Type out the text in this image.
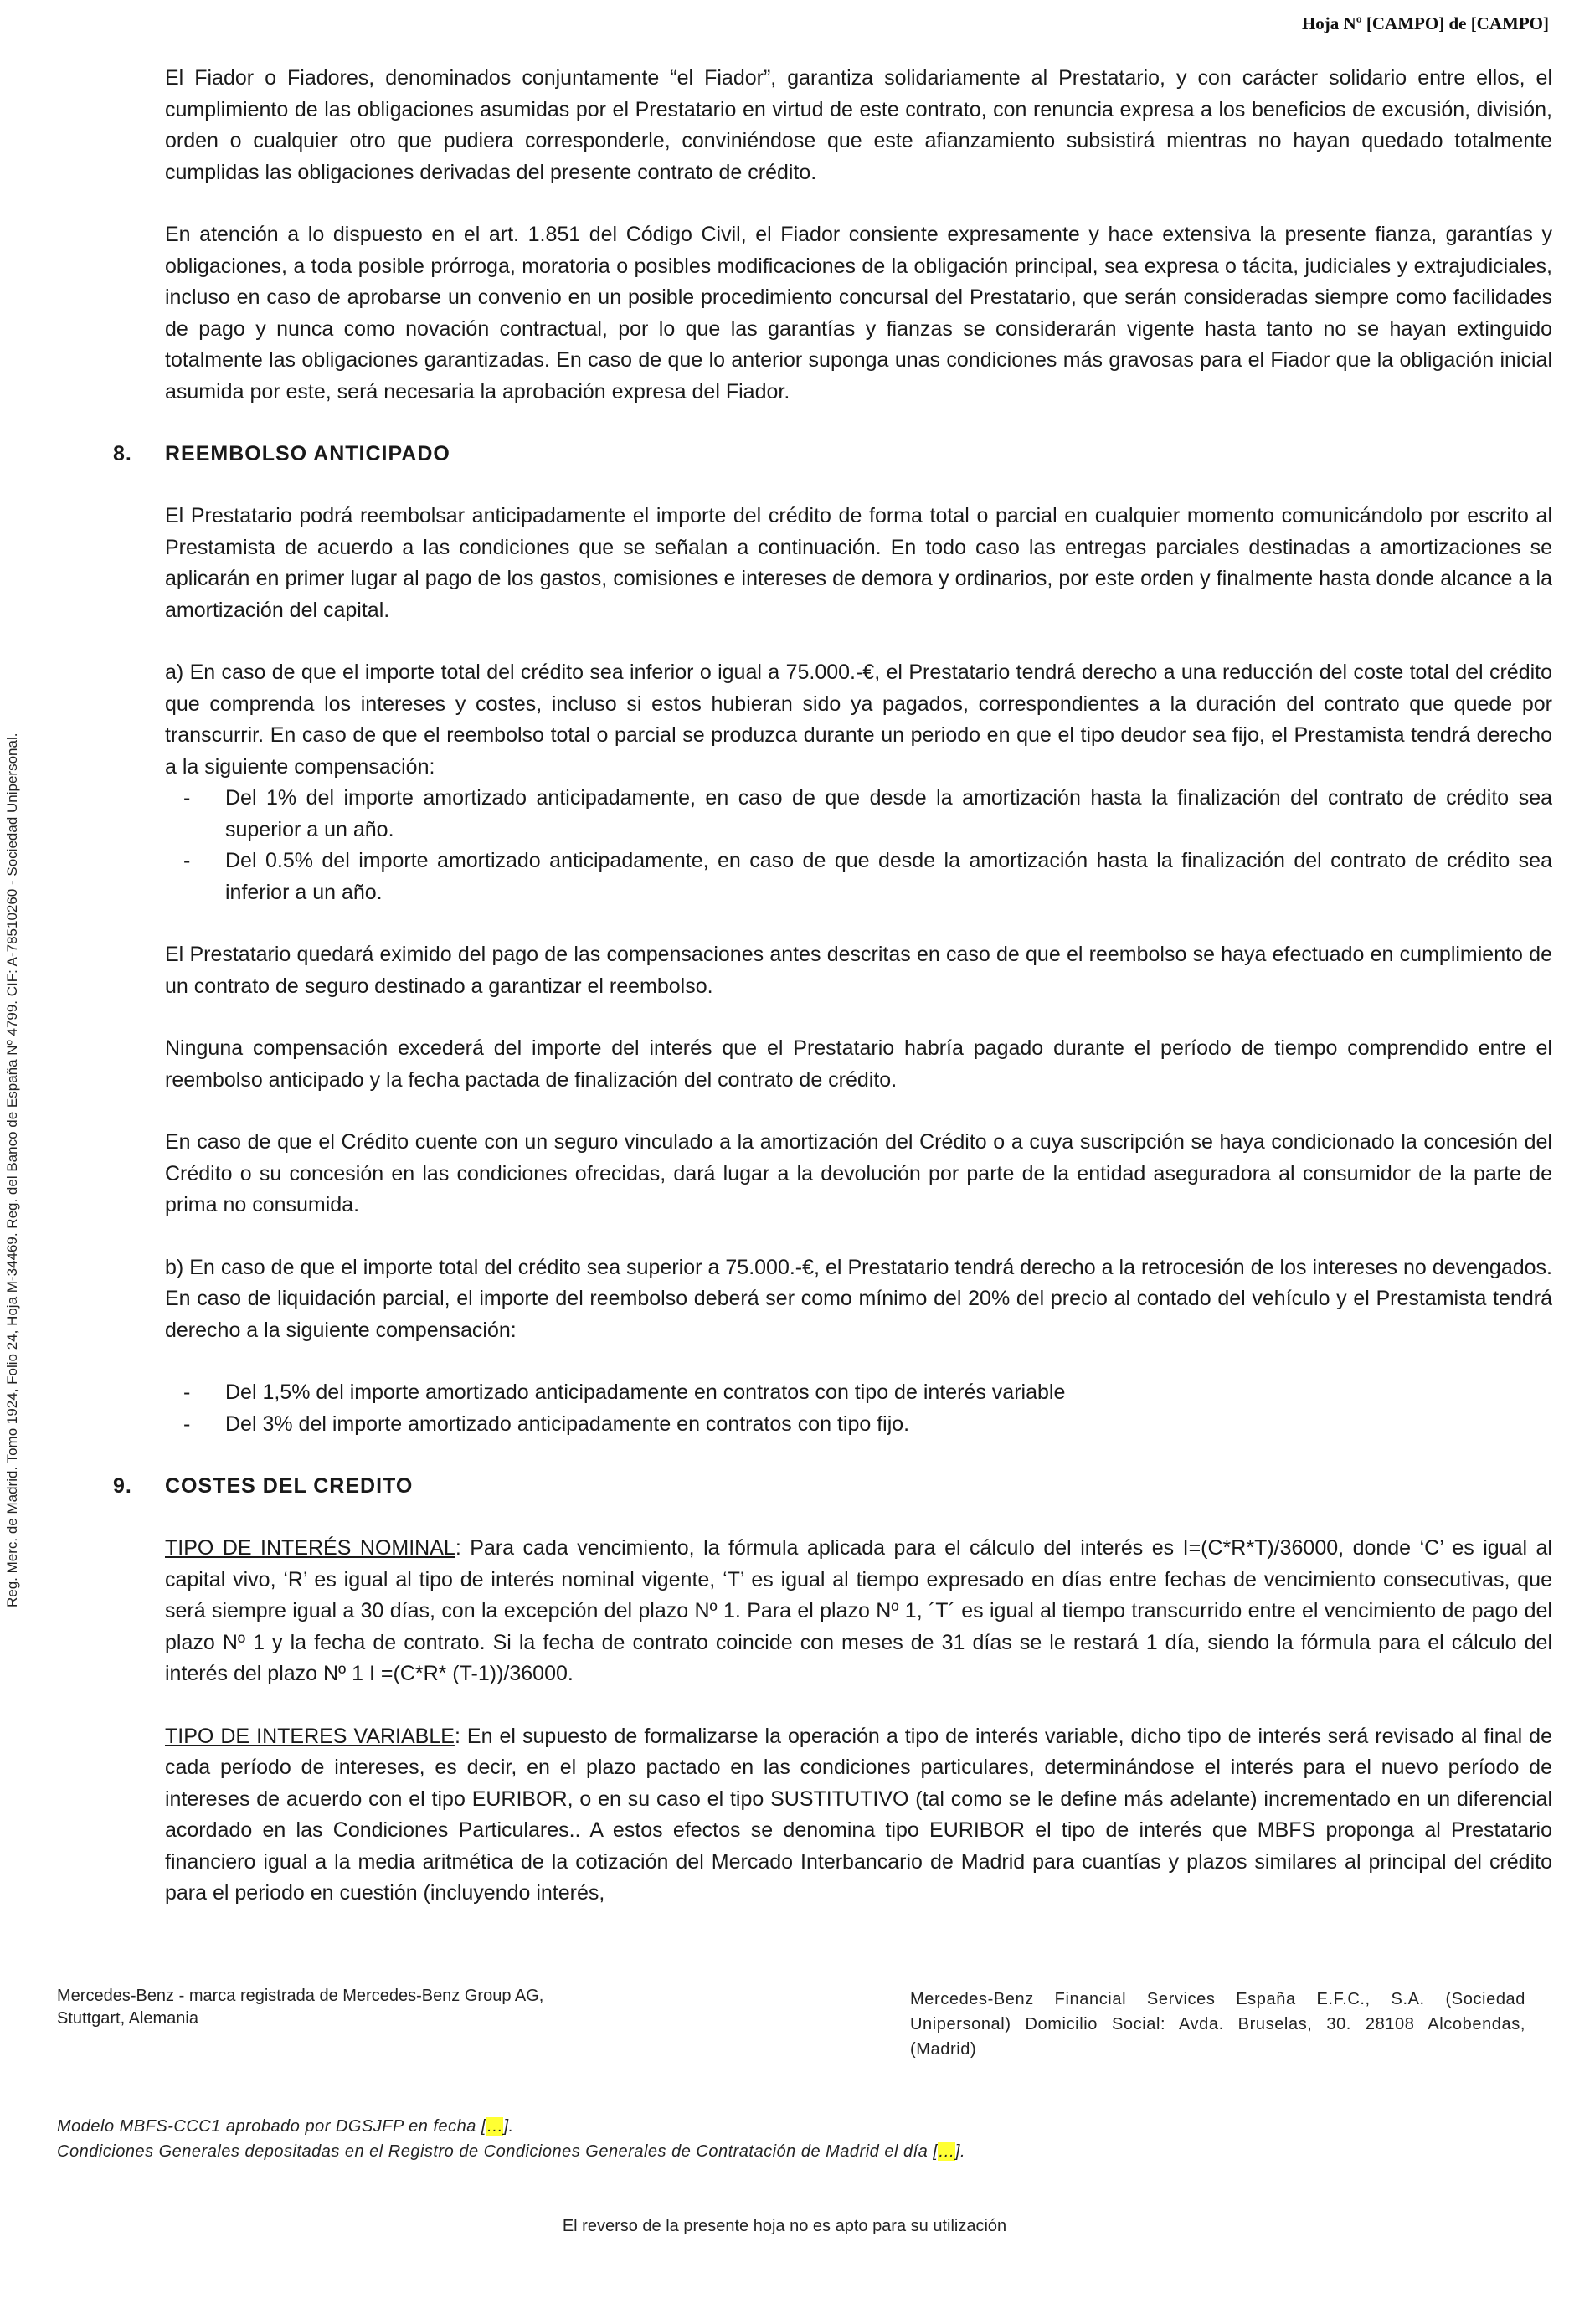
Hoja Nº [CAMPO] de [CAMPO]
Reg. Merc. de Madrid. Tomo 1924, Folio 24, Hoja M-34469. Reg. del Banco de España Nº 4799. CIF: A-78510260 - Sociedad Unipersonal.

El Fiador o Fiadores, denominados conjuntamente “el Fiador”, garantiza solidariamente al Prestatario, y con carácter solidario entre ellos, el cumplimiento de las obligaciones asumidas por el Prestatario en virtud de este contrato, con renuncia expresa a los beneficios de excusión, división, orden o cualquier otro que pudiera corresponderle, conviniéndose que este afianzamiento subsistirá mientras no hayan quedado totalmente cumplidas las obligaciones derivadas del presente contrato de crédito.

En atención a lo dispuesto en el art. 1.851 del Código Civil, el Fiador consiente expresamente y hace extensiva la presente fianza, garantías y obligaciones, a toda posible prórroga, moratoria o posibles modificaciones de la obligación principal, sea expresa o tácita, judiciales y extrajudiciales, incluso en caso de aprobarse un convenio en un posible procedimiento concursal del Prestatario, que serán consideradas siempre como facilidades de pago y nunca como novación contractual, por lo que las garantías y fianzas se considerarán vigente hasta tanto no se hayan extinguido totalmente las obligaciones garantizadas. En caso de que lo anterior suponga unas condiciones más gravosas para el Fiador que la obligación inicial asumida por este, será necesaria la aprobación expresa del Fiador.

8. REEMBOLSO ANTICIPADO

El Prestatario podrá reembolsar anticipadamente el importe del crédito de forma total o parcial en cualquier momento comunicándolo por escrito al Prestamista de acuerdo a las condiciones que se señalan a continuación. En todo caso las entregas parciales destinadas a amortizaciones se aplicarán en primer lugar al pago de los gastos, comisiones e intereses de demora y ordinarios, por este orden y finalmente hasta donde alcance a la amortización del capital.

a) En caso de que el importe total del crédito sea inferior o igual a 75.000.-€, el Prestatario tendrá derecho a una reducción del coste total del crédito que comprenda los intereses y costes, incluso si estos hubieran sido ya pagados, correspondientes a la duración del contrato que quede por transcurrir. En caso de que el reembolso total o parcial se produzca durante un periodo en que el tipo deudor sea fijo, el Prestamista tendrá derecho a la siguiente compensación:

- Del 1% del importe amortizado anticipadamente, en caso de que desde la amortización hasta la finalización del contrato de crédito sea superior a un año.
- Del 0.5% del importe amortizado anticipadamente, en caso de que desde la amortización hasta la finalización del contrato de crédito sea inferior a un año.

El Prestatario quedará eximido del pago de las compensaciones antes descritas en caso de que el reembolso se haya efectuado en cumplimiento de un contrato de seguro destinado a garantizar el reembolso.

Ninguna compensación excederá del importe del interés que el Prestatario habría pagado durante el período de tiempo comprendido entre el reembolso anticipado y la fecha pactada de finalización del contrato de crédito.

En caso de que el Crédito cuente con un seguro vinculado a la amortización del Crédito o a cuya suscripción se haya condicionado la concesión del Crédito o su concesión en las condiciones ofrecidas, dará lugar a la devolución por parte de la entidad aseguradora al consumidor de la parte de prima no consumida.

b) En caso de que el importe total del crédito sea superior a 75.000.-€, el Prestatario tendrá derecho a la retrocesión de los intereses no devengados. En caso de liquidación parcial, el importe del reembolso deberá ser como mínimo del 20% del precio al contado del vehículo y el Prestamista tendrá derecho a la siguiente compensación:

- Del 1,5% del importe amortizado anticipadamente en contratos con tipo de interés variable
- Del 3% del importe amortizado anticipadamente en contratos con tipo fijo.
9. COSTES DEL CREDITO

TIPO DE INTERÉS NOMINAL: Para cada vencimiento, la fórmula aplicada para el cálculo del interés es I=(C*R*T)/36000, donde ‘C’ es igual al capital vivo, ‘R’ es igual al tipo de interés nominal vigente, ‘T’ es igual al tiempo expresado en días entre fechas de vencimiento consecutivas, que será siempre igual a 30 días, con la excepción del plazo Nº 1. Para el plazo Nº 1, ´T´ es igual al tiempo transcurrido entre el vencimiento de pago del plazo Nº 1 y la fecha de contrato. Si la fecha de contrato coincide con meses de 31 días se le restará 1 día, siendo la fórmula para el cálculo del interés del plazo Nº 1 I =(C*R* (T-1))/36000.

TIPO DE INTERES VARIABLE: En el supuesto de formalizarse la operación a tipo de interés variable, dicho tipo de interés será revisado al final de cada período de intereses, es decir, en el plazo pactado en las condiciones particulares, determinándose el interés para el nuevo período de intereses de acuerdo con el tipo EURIBOR, o en su caso el tipo SUSTITUTIVO (tal como se le define más adelante) incrementado en un diferencial acordado en las Condiciones Particulares.. A estos efectos se denomina tipo EURIBOR el tipo de interés que MBFS proponga al Prestatario financiero igual a la media aritmética de la cotización del Mercado Interbancario de Madrid para cuantías y plazos similares al principal del crédito para el periodo en cuestión (incluyendo interés,

Mercedes-Benz - marca registrada de Mercedes-Benz Group AG, Stuttgart, Alemania
Mercedes-Benz Financial Services España E.F.C., S.A. (Sociedad Unipersonal) Domicilio Social: Avda. Bruselas, 30. 28108 Alcobendas, (Madrid)
Modelo MBFS-CCC1 aprobado por DGSJFP en fecha […].
Condiciones Generales depositadas en el Registro de Condiciones Generales de Contratación de Madrid el día […].
El reverso de la presente hoja no es apto para su utilización
